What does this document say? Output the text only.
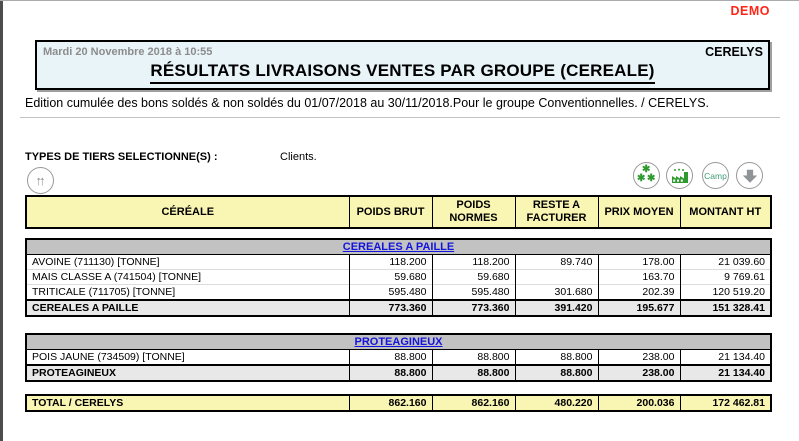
DEMO
Mardi 20 Novembre 2018 à 10:55	CERELYS
RÉSULTATS LIVRAISONS VENTES PAR GROUPE (CEREALE)
Edition cumulée des bons soldés & non soldés du 01/07/2018 au 30/11/2018.Pour le groupe Conventionnelles. / CERELYS.
TYPES DE TIERS SELECTIONNE(S) :	Clients.
↑↑
✱
✱ ✱	Camp
CÉRÉALE	POIDS BRUT	POIDS NORMES	RESTE A FACTURER	PRIX MOYEN	MONTANT HT
CEREALES A PAILLE					
AVOINE (711130) [TONNE]	118.200	118.200	89.740	178.00	21 039.60
MAIS CLASSE A (741504) [TONNE]	59.680	59.680		163.70	9 769.61
TRITICALE (711705) [TONNE]	595.480	595.480	301.680	202.39	120 519.20
CEREALES A PAILLE	773.360	773.360	391.420	195.677	151 328.41
PROTEAGINEUX					
POIS JAUNE (734509) [TONNE]	88.800	88.800	88.800	238.00	21 134.40
PROTEAGINEUX	88.800	88.800	88.800	238.00	21 134.40
TOTAL / CERELYS	862.160	862.160	480.220	200.036	172 462.81
